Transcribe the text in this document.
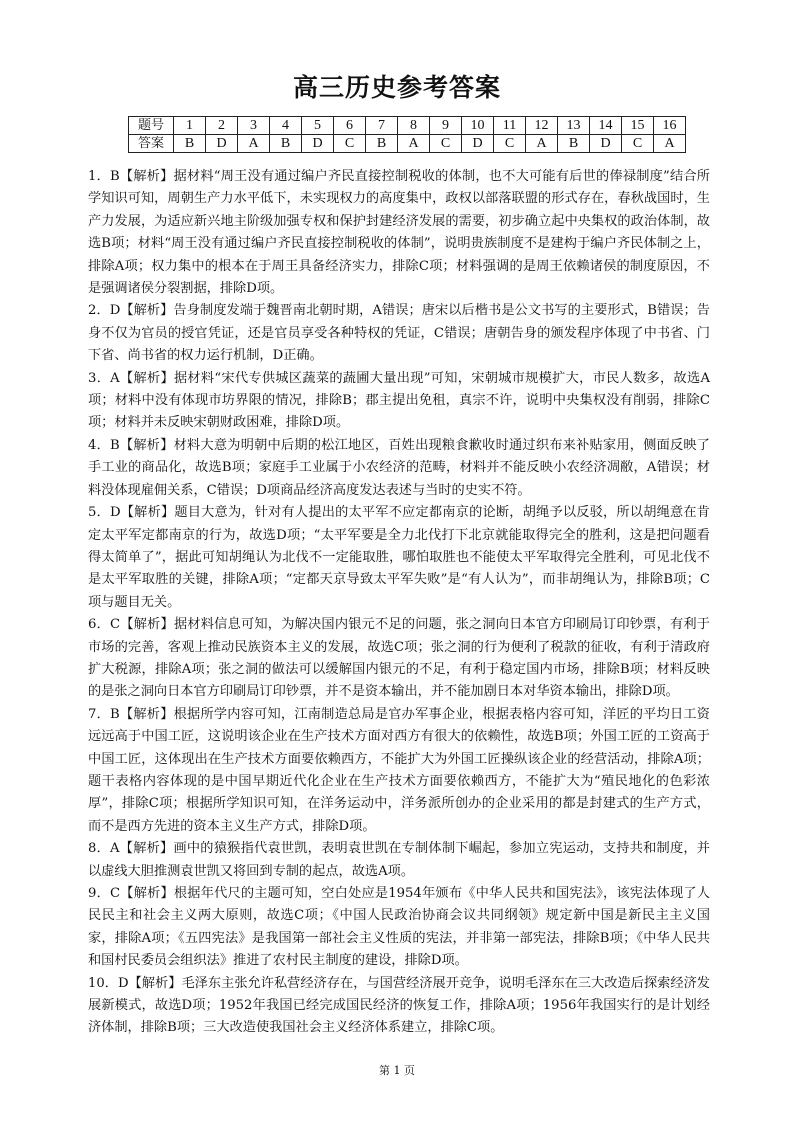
高三历史参考答案
题号	1	2	3	4	5	6	7	8	9	10	11	12	13	14	15	16
答案	B	D	A	B	D	C	B	A	C	D	C	A	B	D	C	A

1．B【解析】据材料“周王没有通过编户齐民直接控制税收的体制，也不大可能有后世的俸禄制度”结合所学知识可知，周朝生产力水平低下，未实现权力的高度集中，政权以部落联盟的形式存在，春秋战国时，生产力发展，为适应新兴地主阶级加强专权和保护封建经济发展的需要，初步确立起中央集权的政治体制，故选B项；材料“周王没有通过编户齐民直接控制税收的体制”，说明贵族制度不是建构于编户齐民体制之上，排除A项；权力集中的根本在于周王具备经济实力，排除C项；材料强调的是周王依赖诸侯的制度原因，不是强调诸侯分裂割据，排除D项。

2．D【解析】告身制度发端于魏晋南北朝时期，A错误；唐宋以后楷书是公文书写的主要形式，B错误；告身不仅为官员的授官凭证，还是官员享受各种特权的凭证，C错误；唐朝告身的颁发程序体现了中书省、门下省、尚书省的权力运行机制，D正确。

3．A【解析】据材料“宋代专供城区蔬菜的蔬圃大量出现”可知，宋朝城市规模扩大，市民人数多，故选A项；材料中没有体现市坊界限的情况，排除B；郡主提出免租，真宗不许，说明中央集权没有削弱，排除C项；材料并未反映宋朝财政困难，排除D项。

4．B【解析】材料大意为明朝中后期的松江地区，百姓出现粮食歉收时通过织布来补贴家用，侧面反映了手工业的商品化，故选B项；家庭手工业属于小农经济的范畴，材料并不能反映小农经济凋敝，A错误；材料没体现雇佣关系，C错误；D项商品经济高度发达表述与当时的史实不符。

5．D【解析】题目大意为，针对有人提出的太平军不应定都南京的论断，胡绳予以反驳，所以胡绳意在肯定太平军定都南京的行为，故选D项；“太平军要是全力北伐打下北京就能取得完全的胜利，这是把问题看得太简单了”，据此可知胡绳认为北伐不一定能取胜，哪怕取胜也不能使太平军取得完全胜利，可见北伐不是太平军取胜的关键，排除A项；“定都天京导致太平军失败”是“有人认为”，而非胡绳认为，排除B项；C项与题目无关。

6．C【解析】据材料信息可知，为解决国内银元不足的问题，张之洞向日本官方印刷局订印钞票，有利于市场的完善，客观上推动民族资本主义的发展，故选C项；张之洞的行为便利了税款的征收，有利于清政府扩大税源，排除A项；张之洞的做法可以缓解国内银元的不足，有利于稳定国内市场，排除B项；材料反映的是张之洞向日本官方印刷局订印钞票，并不是资本输出，并不能加剧日本对华资本输出，排除D项。

7．B【解析】根据所学内容可知，江南制造总局是官办军事企业，根据表格内容可知，洋匠的平均日工资远远高于中国工匠，这说明该企业在生产技术方面对西方有很大的依赖性，故选B项；外国工匠的工资高于中国工匠，这体现出在生产技术方面要依赖西方，不能扩大为外国工匠操纵该企业的经营活动，排除A项；题干表格内容体现的是中国早期近代化企业在生产技术方面要依赖西方，不能扩大为“殖民地化的色彩浓厚”，排除C项；根据所学知识可知，在洋务运动中，洋务派所创办的企业采用的都是封建式的生产方式，而不是西方先进的资本主义生产方式，排除D项。

8．A【解析】画中的猿猴指代袁世凯，表明袁世凯在专制体制下崛起，参加立宪运动，支持共和制度，并以虚线大胆推测袁世凯又将回到专制的起点，故选A项。

9．C【解析】根据年代尺的主题可知，空白处应是1954年颁布《中华人民共和国宪法》，该宪法体现了人民民主和社会主义两大原则，故选C项；《中国人民政治协商会议共同纲领》规定新中国是新民主主义国家，排除A项；《五四宪法》是我国第一部社会主义性质的宪法，并非第一部宪法，排除B项；《中华人民共和国村民委员会组织法》推进了农村民主制度的建设，排除D项。

10．D【解析】毛泽东主张允许私营经济存在，与国营经济展开竞争，说明毛泽东在三大改造后探索经济发展新模式，故选D项；1952年我国已经完成国民经济的恢复工作，排除A项；1956年我国实行的是计划经济体制，排除B项；三大改造使我国社会主义经济体系建立，排除C项。

第 1 页
